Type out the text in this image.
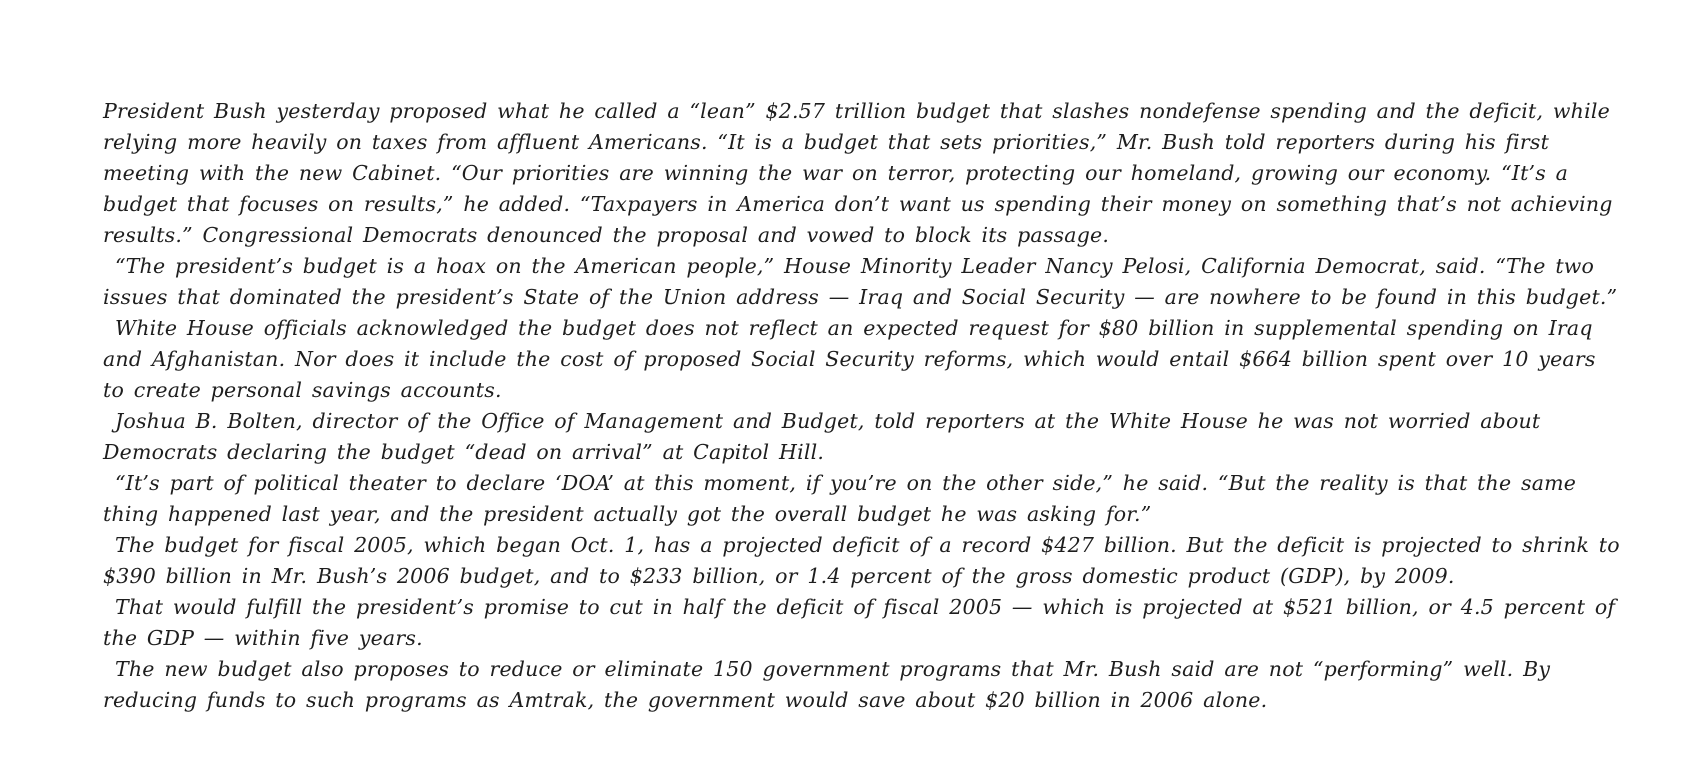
President Bush yesterday proposed what he called a “lean” $2.57 trillion budget that slashes nondefense spending and the deficit, while relying more heavily on taxes from affluent Americans. “It is a budget that sets priorities,” Mr. Bush told reporters during his first meeting with the new Cabinet. “Our priorities are winning the war on terror, protecting our homeland, growing our economy. “It’s a budget that focuses on results,” he added. “Taxpayers in America don’t want us spending their money on something that’s not achieving results.” Congressional Democrats denounced the proposal and vowed to block its passage.

“The president’s budget is a hoax on the American people,” House Minority Leader Nancy Pelosi, California Democrat, said. “The two issues that dominated the president’s State of the Union address — Iraq and Social Security — are nowhere to be found in this budget.”

White House officials acknowledged the budget does not reflect an expected request for $80 billion in supplemental spending on Iraq and Afghanistan. Nor does it include the cost of proposed Social Security reforms, which would entail $664 billion spent over 10 years to create personal savings accounts.

Joshua B. Bolten, director of the Office of Management and Budget, told reporters at the White House he was not worried about Democrats declaring the budget “dead on arrival” at Capitol Hill.

“It’s part of political theater to declare ‘DOA’ at this moment, if you’re on the other side,” he said. “But the reality is that the same thing happened last year, and the president actually got the overall budget he was asking for.”

The budget for fiscal 2005, which began Oct. 1, has a projected deficit of a record $427 billion. But the deficit is projected to shrink to $390 billion in Mr. Bush’s 2006 budget, and to $233 billion, or 1.4 percent of the gross domestic product (GDP), by 2009.

That would fulfill the president’s promise to cut in half the deficit of fiscal 2005 — which is projected at $521 billion, or 4.5 percent of the GDP — within five years.

The new budget also proposes to reduce or eliminate 150 government programs that Mr. Bush said are not “performing” well. By reducing funds to such programs as Amtrak, the government would save about $20 billion in 2006 alone.
